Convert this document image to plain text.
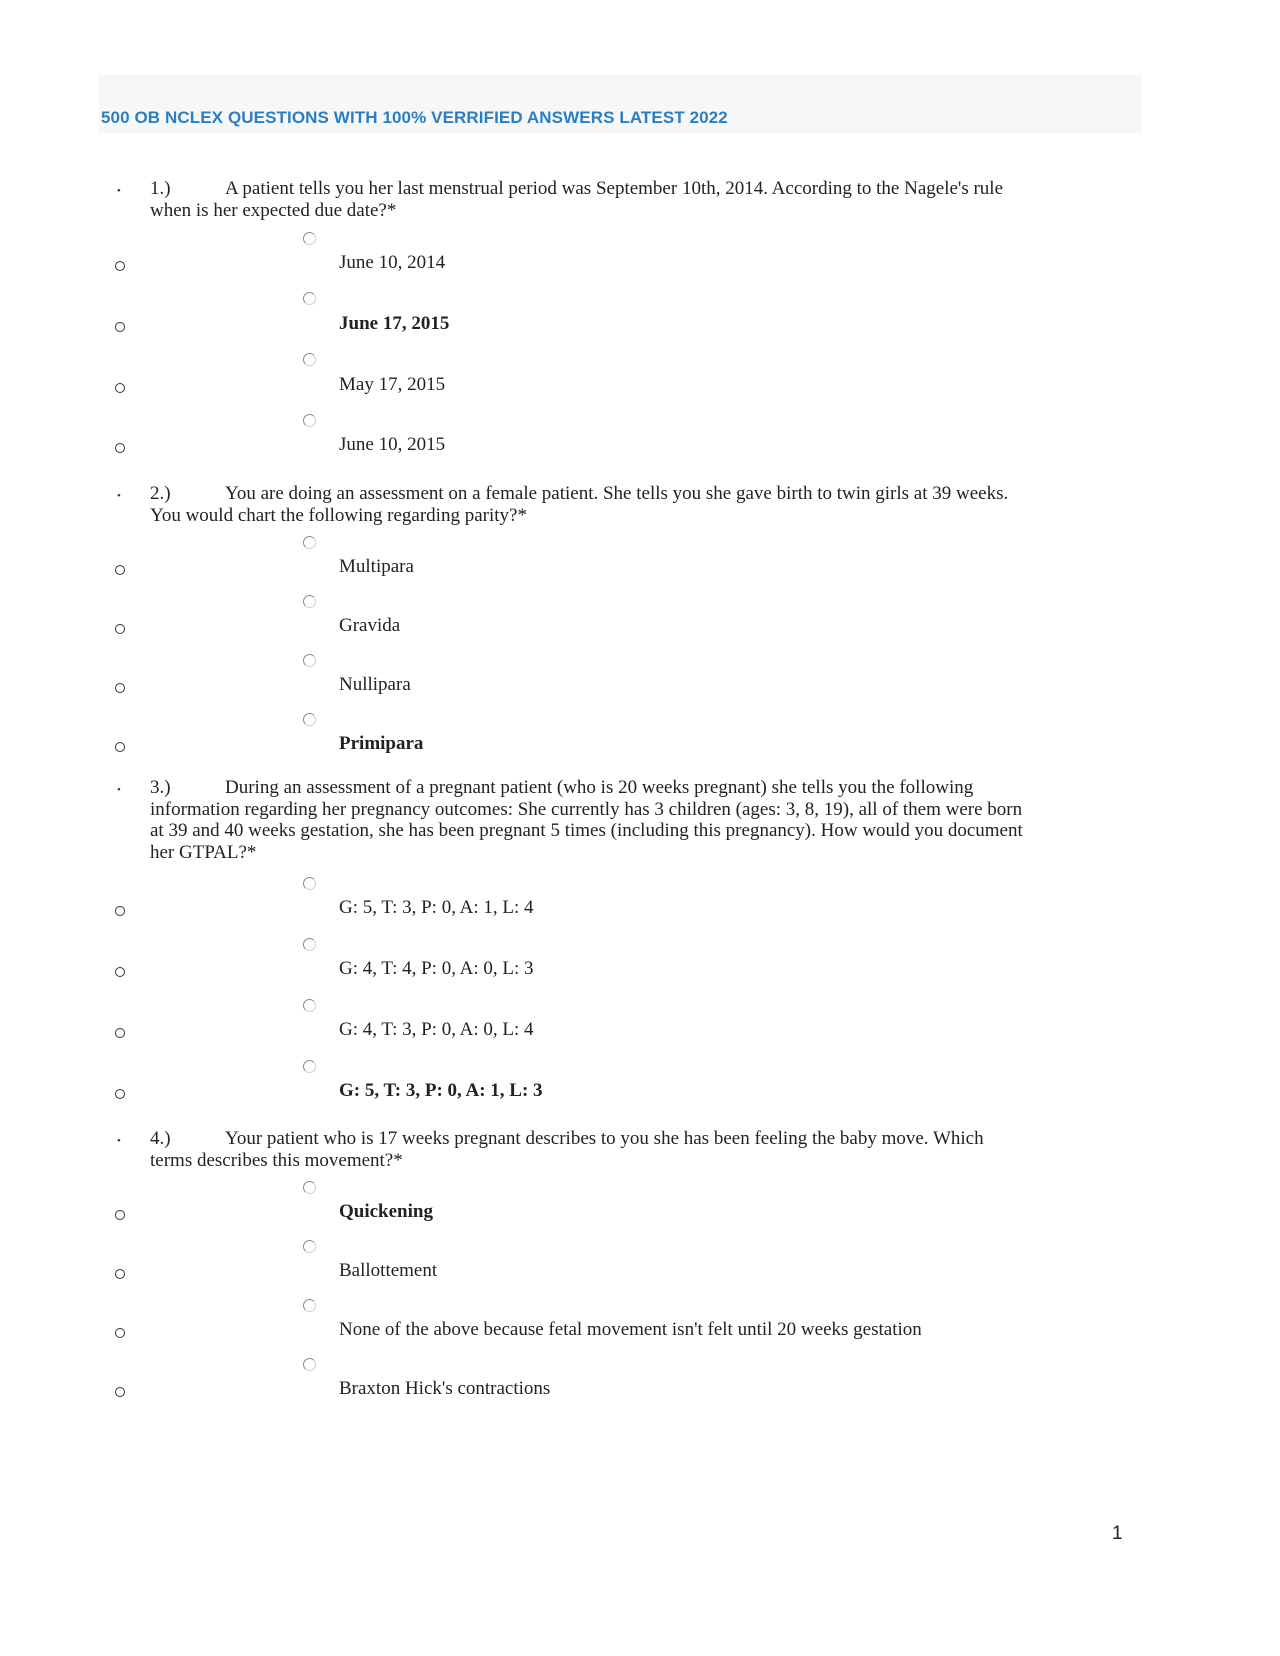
500 OB NCLEX QUESTIONS WITH 100% VERRIFIED ANSWERS LATEST 2022
• 1.)	A patient tells you her last menstrual period was September 10th, 2014. According to the Nagele's rule
when is her expected due date?*

June 10, 2014
June 17, 2015
May 17, 2015
June 10, 2015
• 2.)	You are doing an assessment on a female patient. She tells you she gave birth to twin girls at 39 weeks.
You would chart the following regarding parity?*

Multipara
Gravida
Nullipara
Primipara
• 3.)	During an assessment of a pregnant patient (who is 20 weeks pregnant) she tells you the following
information regarding her pregnancy outcomes: She currently has 3 children (ages: 3, 8, 19), all of them were born
at 39 and 40 weeks gestation, she has been pregnant 5 times (including this pregnancy). How would you document
her GTPAL?*

G: 5, T: 3, P: 0, A: 1, L: 4
G: 4, T: 4, P: 0, A: 0, L: 3
G: 4, T: 3, P: 0, A: 0, L: 4
G: 5, T: 3, P: 0, A: 1, L: 3
• 4.)	Your patient who is 17 weeks pregnant describes to you she has been feeling the baby move. Which
terms describes this movement?*

Quickening
Ballottement
None of the above because fetal movement isn't felt until 20 weeks gestation
Braxton Hick's contractions
1
